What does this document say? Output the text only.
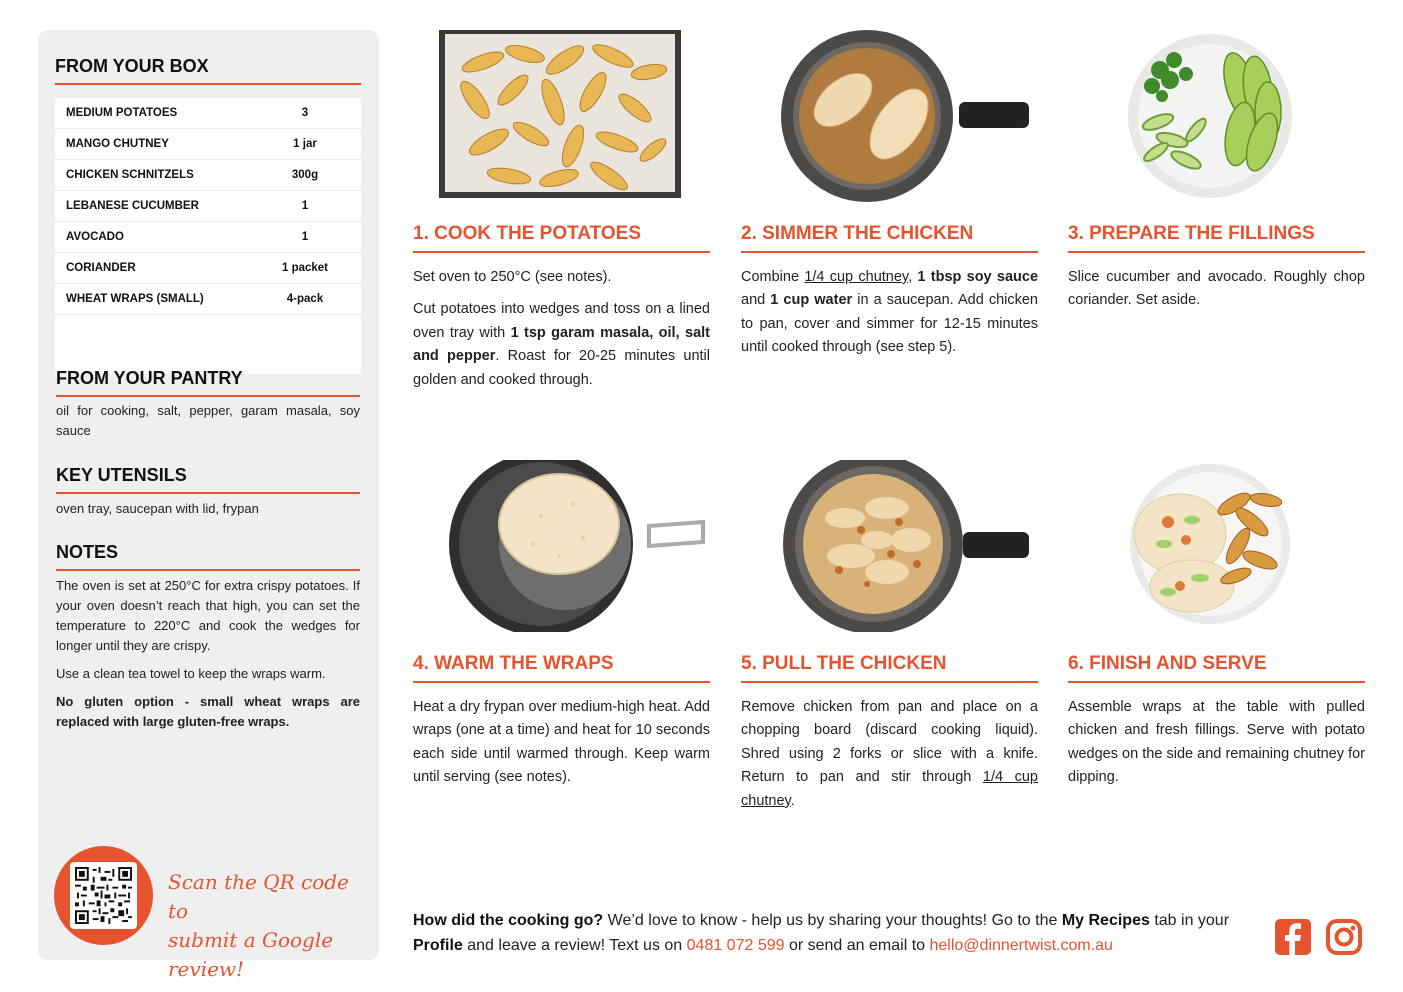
FROM YOUR BOX
MEDIUM POTATOES	3
MANGO CHUTNEY	1 jar
CHICKEN SCHNITZELS	300g
LEBANESE CUCUMBER	1
AVOCADO	1
CORIANDER	1 packet
WHEAT WRAPS (SMALL)	4-pack
FROM YOUR PANTRY
oil for cooking, salt, pepper, garam masala, soy sauce
KEY UTENSILS
oven tray, saucepan with lid, frypan
NOTES

The oven is set at 250°C for extra crispy potatoes. If your oven doesn’t reach that high, you can set the temperature to 220°C and cook the wedges for longer until they are crispy.

Use a clean tea towel to keep the wraps warm.

No gluten option - small wheat wraps are replaced with large gluten-free wraps.

Scan the QR code to
submit a Google review!
1. COOK THE POTATOES

Set oven to 250°C (see notes).

Cut potatoes into wedges and toss on a lined oven tray with 1 tsp garam masala, oil, salt and pepper. Roast for 20-25 minutes until golden and cooked through.

2. SIMMER THE CHICKEN

Combine 1/4 cup chutney, 1 tbsp soy sauce and 1 cup water in a saucepan. Add chicken to pan, cover and simmer for 12-15 minutes until cooked through (see step 5).

3. PREPARE THE FILLINGS

Slice cucumber and avocado. Roughly chop coriander. Set aside.

4. WARM THE WRAPS

Heat a dry frypan over medium-high heat. Add wraps (one at a time) and heat for 10 seconds each side until warmed through. Keep warm until serving (see notes).

5. PULL THE CHICKEN

Remove chicken from pan and place on a chopping board (discard cooking liquid). Shred using 2 forks or slice with a knife. Return to pan and stir through 1/4 cup chutney.

6. FINISH AND SERVE

Assemble wraps at the table with pulled chicken and fresh fillings. Serve with potato wedges on the side and remaining chutney for dipping.

How did the cooking go? We’d love to know - help us by sharing your thoughts! Go to the My Recipes tab in your Profile and leave a review! Text us on 0481 072 599 or send an email to hello@dinnertwist.com.au
